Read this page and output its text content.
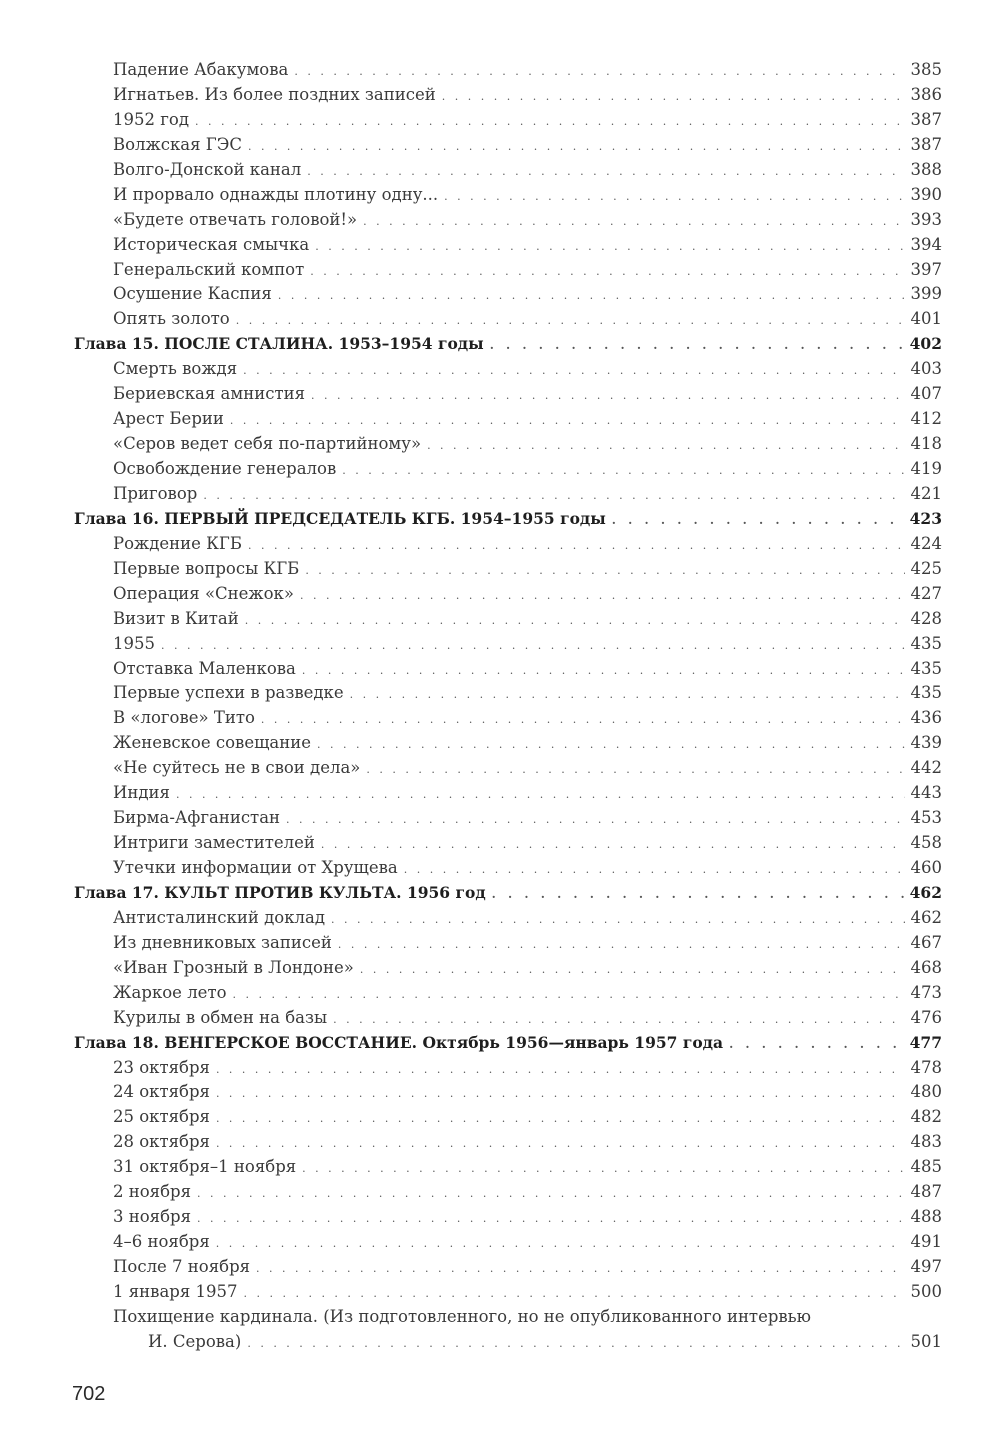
Падение Абакумова . . .	385
Игнатьев. Из более поздних записей . . .	386
1952 год . . .	387
Волжская ГЭС . . .	387
Волго-Донской канал . . .	388
И прорвало однажды плотину одну... . . .	390
«Будете отвечать головой!» . . .	393
Историческая смычка . . .	394
Генеральский компот . . .	397
Осушение Каспия . . .	399
Опять золото . . .	401
Глава 15. ПОСЛЕ СТАЛИНА. 1953–1954 годы . . .	402
Смерть вождя . . .	403
Бериевская амнистия . . .	407
Арест Берии . . .	412
«Серов ведет себя по-партийному» . . .	418
Освобождение генералов . . .	419
Приговор . . .	421
Глава 16. ПЕРВЫЙ ПРЕДСЕДАТЕЛЬ КГБ. 1954–1955 годы . . .	423
Рождение КГБ . . .	424
Первые вопросы КГБ . . .	425
Операция «Снежок» . . .	427
Визит в Китай . . .	428
1955 . . .	435
Отставка Маленкова . . .	435
Первые успехи в разведке . . .	435
В «логове» Тито . . .	436
Женевское совещание . . .	439
«Не суйтесь не в свои дела» . . .	442
Индия . . .	443
Бирма-Афганистан . . .	453
Интриги заместителей . . .	458
Утечки информации от Хрущева . . .	460
Глава 17. КУЛЬТ ПРОТИВ КУЛЬТА. 1956 год . . .	462
Антисталинский доклад . . .	462
Из дневниковых записей . . .	467
«Иван Грозный в Лондоне» . . .	468
Жаркое лето . . .	473
Курилы в обмен на базы . . .	476
Глава 18. ВЕНГЕРСКОЕ ВОССТАНИЕ. Октябрь 1956—январь 1957 года . . .	477
23 октября . . .	478
24 октября . . .	480
25 октября . . .	482
28 октября . . .	483
31 октября–1 ноября . . .	485
2 ноября . . .	487
3 ноября . . .	488
4–6 ноября . . .	491
После 7 ноября . . .	497
1 января 1957 . . .	500
Похищение кардинала. (Из подготовленного, но не опубликованного интервью
И. Серова) . . .	501
702
